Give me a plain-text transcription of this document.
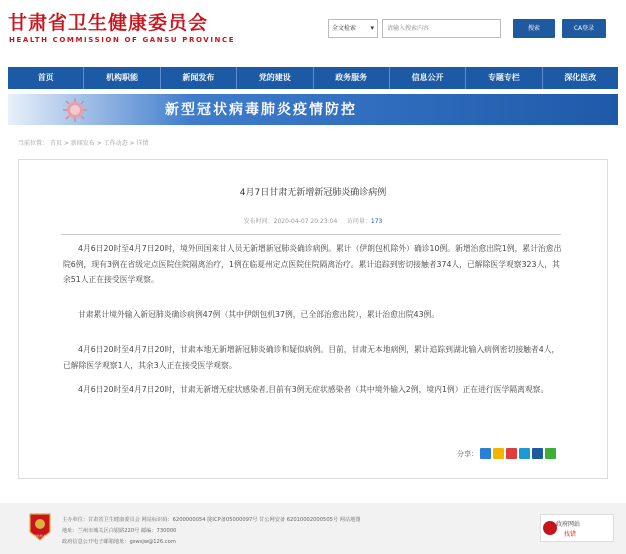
甘肃省卫生健康委员会
HEALTH COMMISSION OF GANSU PROVINCE
全文检索 ▾	请输入搜索内容	搜索	CA登录
首页	机构职能	新闻发布	党的建设	政务服务	信息公开	专题专栏	深化医改
新型冠状病毒肺炎疫情防控
当前位置： 首页 > 新闻发布 > 工作动态 > 详情
4月7日甘肃无新增新冠肺炎确诊病例
发布时间：2020-04-07 20:23:04 访问量：173

4月6日20时至4月7日20时，境外回国来甘人员无新增新冠肺炎确诊病例。累计（伊朗包机除外）确诊10例。新增治愈出院1例，累计治愈出院6例，现有3例在省级定点医院住院隔离治疗，1例在临夏州定点医院住院隔离治疗。累计追踪到密切接触者374人，已解除医学观察323人，其余51人正在接受医学观察。

甘肃累计境外输入新冠肺炎确诊病例47例（其中伊朗包机37例，已全部治愈出院），累计治愈出院43例。

4月6日20时至4月7日20时，甘肃本地无新增新冠肺炎确诊和疑似病例。目前，甘肃无本地病例，累计追踪到湖北输入病例密切接触者4人，已解除医学观察1人，其余3人正在接受医学观察。

4月6日20时至4月7日20时，甘肃无新增无症状感染者,目前有3例无症状感染者（其中境外输入2例，境内1例）正在进行医学隔离观察。

分享：
党政机关
主办单位：甘肃省卫生健康委员会 网站标识码：6200000054 陇ICP备05000097号 甘公网安备 62010002000505号 网站地图
地址：兰州市城关区白银路220号 邮编：730000
政府信息公开电子邮箱地址：gswsjw@126.com
政府网站
找错
